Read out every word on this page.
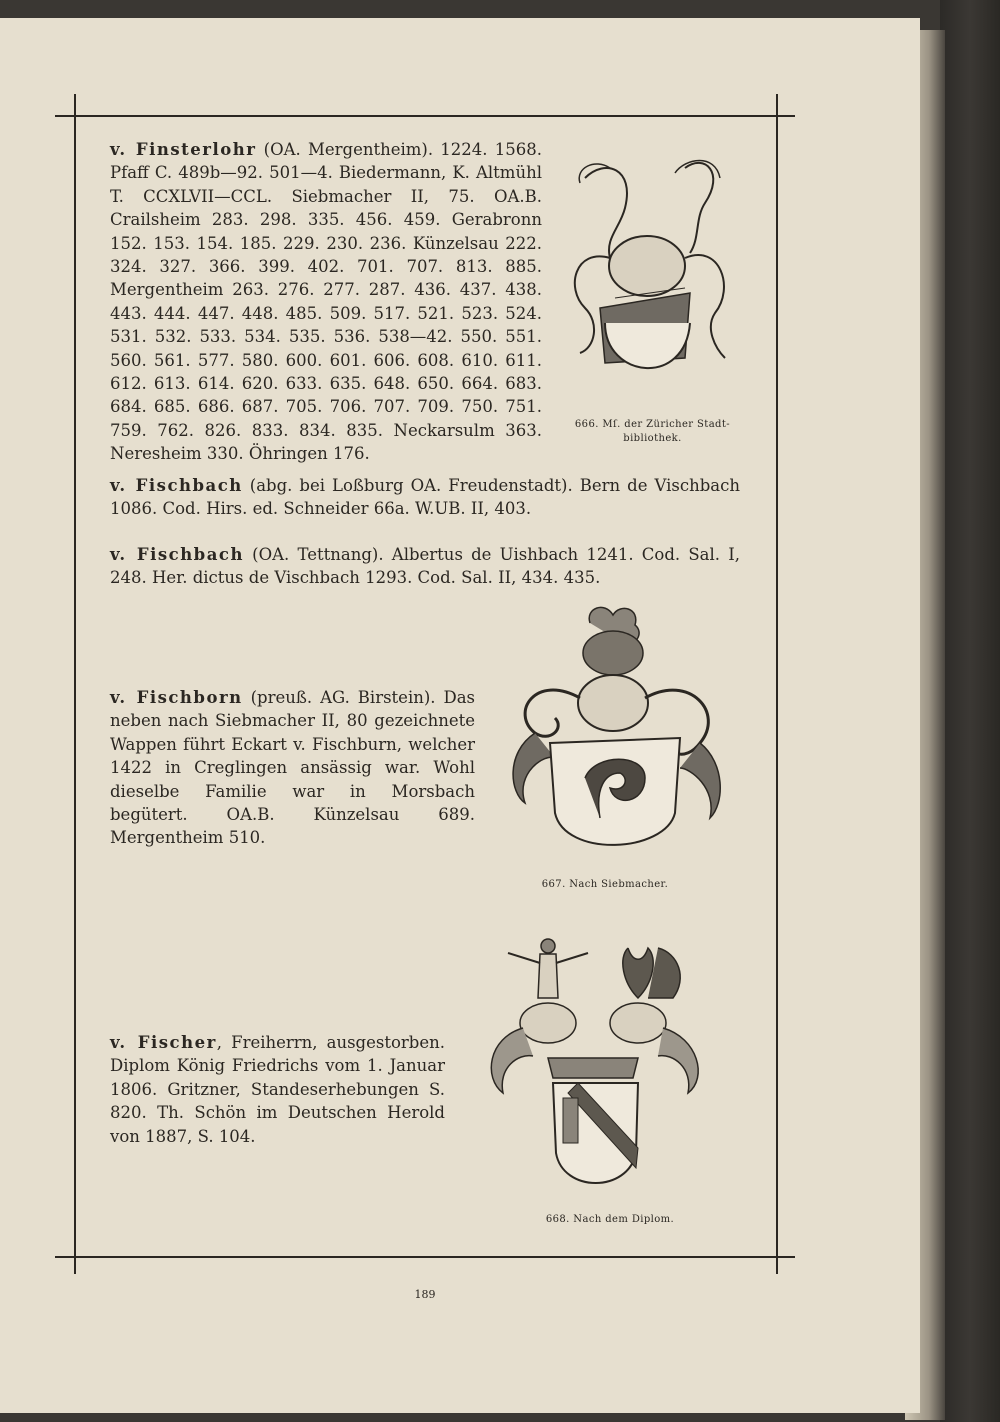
v. Finsterlohr (OA. Mergentheim). 1224. 1568. Pfaff C. 489b—92. 501—4. Biedermann, K. Altmühl T. CCXLVII—CCL. Siebmacher II, 75. OA.B. Crailsheim 283. 298. 335. 456. 459. Gerabronn 152. 153. 154. 185. 229. 230. 236. Künzelsau 222. 324. 327. 366. 399. 402. 701. 707. 813. 885. Mergentheim 263. 276. 277. 287. 436. 437. 438. 443. 444. 447. 448. 485. 509. 517. 521. 523. 524. 531. 532. 533. 534. 535. 536. 538—42. 550. 551. 560. 561. 577. 580. 600. 601. 606. 608. 610. 611. 612. 613. 614. 620. 633. 635. 648. 650. 664. 683. 684. 685. 686. 687. 705. 706. 707. 709. 750. 751. 759. 762. 826. 833. 834. 835. Neckarsulm 363. Neresheim 330. Öhringen 176.

666. Mſ. der Züricher Stadt-bibliothek.

v. Fischbach (abg. bei Loßburg OA. Freudenstadt). Bern de Vischbach 1086. Cod. Hirs. ed. Schneider 66a. W.UB. II, 403.

v. Fischbach (OA. Tettnang). Albertus de Uishbach 1241. Cod. Sal. I, 248. Her. dictus de Vischbach 1293. Cod. Sal. II, 434. 435.

667. Nach Siebmacher.

v. Fischborn (preuß. AG. Birstein). Das neben nach Siebmacher II, 80 gezeichnete Wappen führt Eckart v. Fischburn, welcher 1422 in Creglingen ansässig war. Wohl dieselbe Familie war in Morsbach begütert. OA.B. Künzelsau 689. Mergentheim 510.

668. Nach dem Diplom.

v. Fischer, Freiherrn, ausgestorben. Diplom König Friedrichs vom 1. Januar 1806. Gritzner, Standeserhebungen S. 820. Th. Schön im Deutschen Herold von 1887, S. 104.

189
